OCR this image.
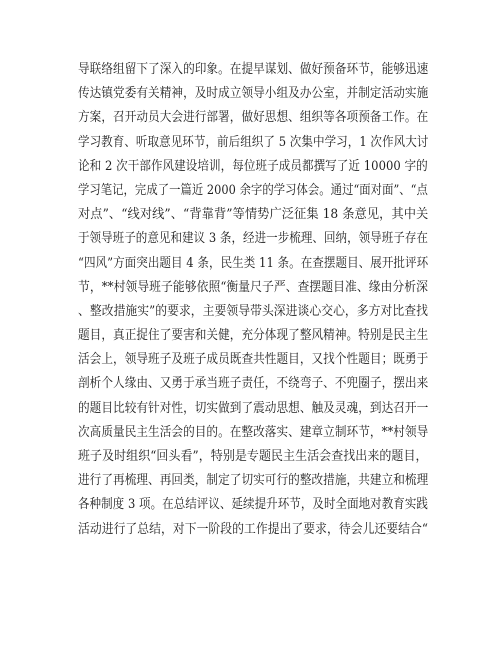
导联络组留下了深入的印象。在提早谋划、做好预备环节，能够迅速
传达镇党委有关精神，及时成立领导小组及办公室，并制定活动实施
方案，召开动员大会进行部署，做好思想、组织等各项预备工作。在
学习教育、听取意见环节，前后组织了 5 次集中学习，1 次作风大讨
论和 2 次干部作风建设培训，每位班子成员都撰写了近 10000 字的
学习笔记，完成了一篇近 2000 余字的学习体会。通过“面对面”、“点
对点”、“线对线”、“背靠背”等情势广泛征集 18 条意见，其中关
于领导班子的意见和建议 3 条，经进一步梳理、回纳，领导班子存在
“四风”方面突出题目 4 条，民生类 11 条。在查摆题目、展开批评环
节，**村领导班子能够依照“衡量尺子严、查摆题目准、缘由分析深
、整改措施实”的要求，主要领导带头深进谈心交心，多方对比查找
题目，真正捉住了要害和关健，充分体现了整风精神。特别是民主生
活会上，领导班子及班子成员既查共性题目，又找个性题目；既勇于
剖析个人缘由、又勇于承当班子责任，不绕弯子、不兜圈子，摆出来
的题目比较有针对性，切实做到了震动思想、触及灵魂，到达召开一
次高质量民主生活会的目的。在整改落实、建章立制环节，**村领导
班子及时组织“回头看”，特别是专题民主生活会查找出来的题目，
进行了再梳理、再回类，制定了切实可行的整改措施，共建立和梳理
各种制度 3 项。在总结评议、延续提升环节，及时全面地对教育实践
活动进行了总结，对下一阶段的工作提出了要求，待会儿还要结合“
